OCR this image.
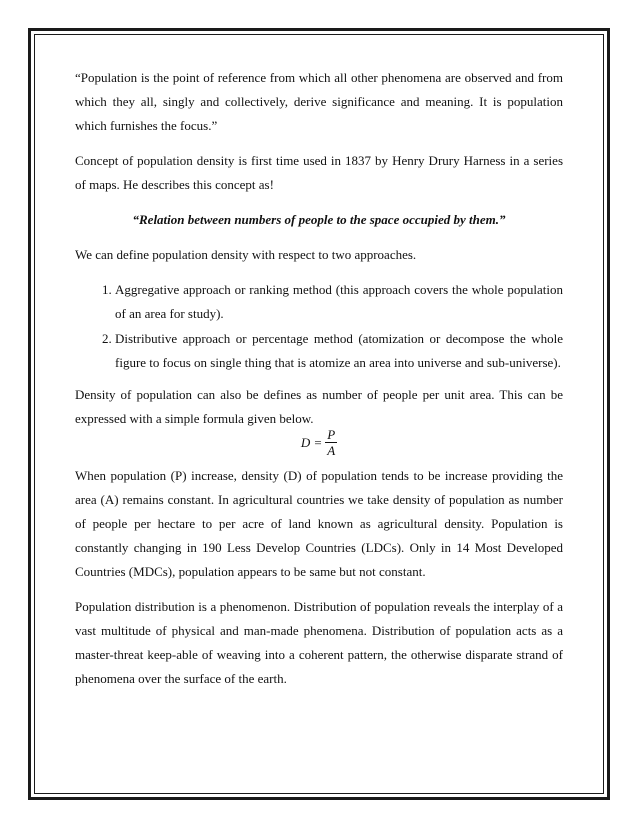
“Population is the point of reference from which all other phenomena are observed and from which they all, singly and collectively, derive significance and meaning. It is population which furnishes the focus.”

Concept of population density is first time used in 1837 by Henry Drury Harness in a series of maps. He describes this concept as!

“Relation between numbers of people to the space occupied by them.”

We can define population density with respect to two approaches.

1. Aggregative approach or ranking method (this approach covers the whole population of an area for study).
2. Distributive approach or percentage method (atomization or decompose the whole figure to focus on single thing that is atomize an area into universe and sub-universe).

Density of population can also be defines as number of people per unit area. This can be expressed with a simple formula given below.

$D = \frac{P}{A}$

When population (P) increase, density (D) of population tends to be increase providing the area (A) remains constant. In agricultural countries we take density of population as number of people per hectare to per acre of land known as agricultural density. Population is constantly changing in 190 Less Develop Countries (LDCs). Only in 14 Most Developed Countries (MDCs), population appears to be same but not constant.

Population distribution is a phenomenon. Distribution of population reveals the interplay of a vast multitude of physical and man-made phenomena. Distribution of population acts as a master-threat keep-able of weaving into a coherent pattern, the otherwise disparate strand of phenomena over the surface of the earth.
